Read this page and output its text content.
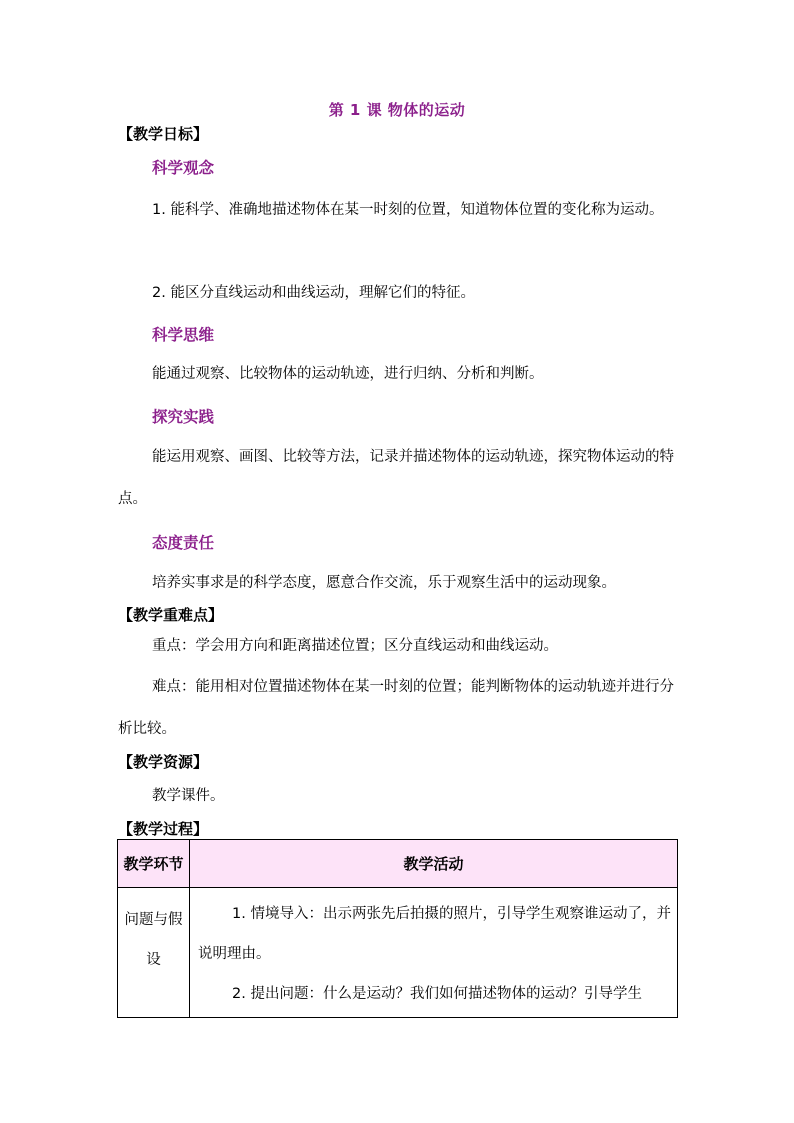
第 1 课 物体的运动
【教学日标】
科学观念
1. 能科学、准确地描述物体在某一时刻的位置，知道物体位置的变化称为运动。
2. 能区分直线运动和曲线运动，理解它们的特征。
科学思维
能通过观察、比较物体的运动轨迹，进行归纳、分析和判断。
探究实践
能运用观察、画图、比较等方法，记录并描述物体的运动轨迹，探究物体运动的特点。
态度责任
培养实事求是的科学态度，愿意合作交流，乐于观察生活中的运动现象。
【教学重难点】
重点：学会用方向和距离描述位置；区分直线运动和曲线运动。
难点：能用相对位置描述物体在某一时刻的位置；能判断物体的运动轨迹并进行分析比较。
【教学资源】
教学课件。
【教学过程】
教学环节	教学活动
问题与假设	1. 情境导入：出示两张先后拍摄的照片，引导学生观察谁运动了，并说明理由。

2. 提出问题：什么是运动？我们如何描述物体的运动？引导学生
